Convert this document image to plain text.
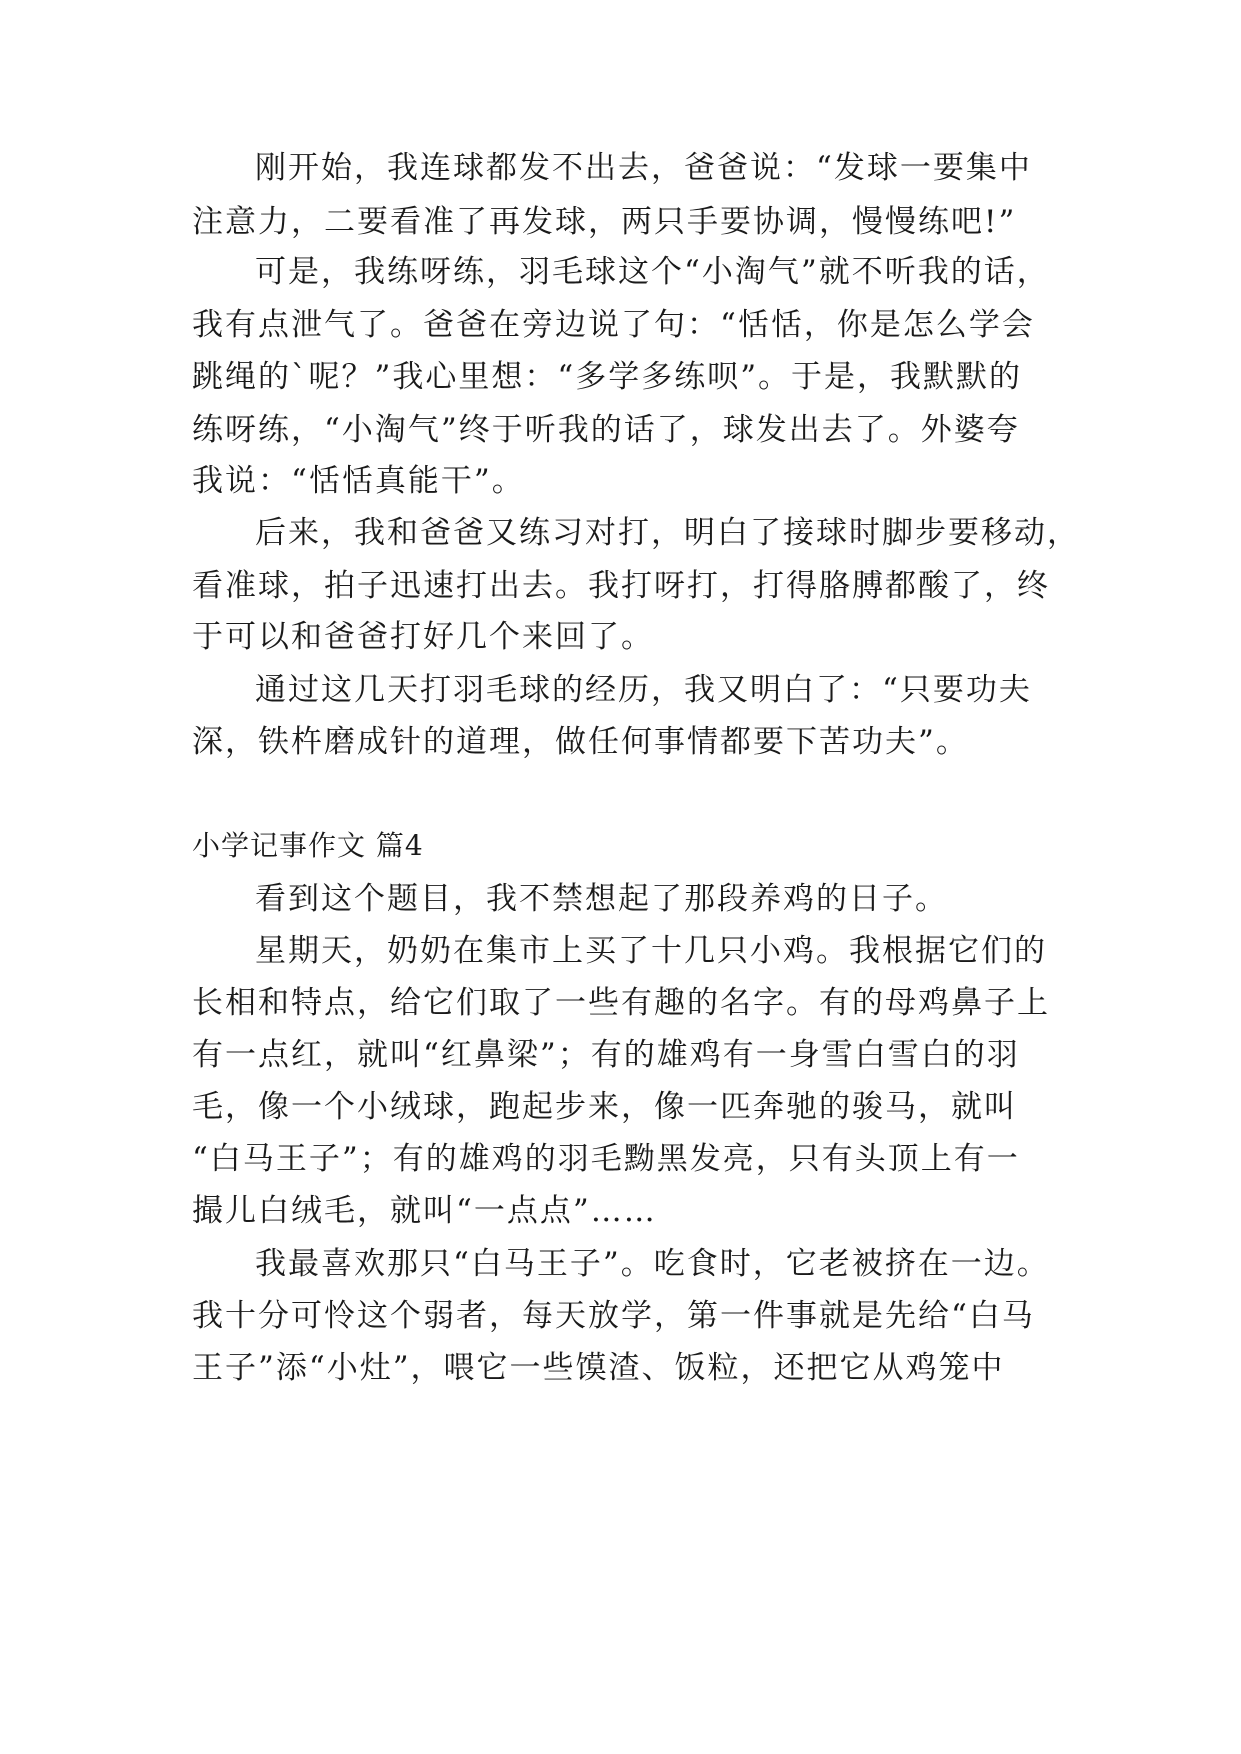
刚开始，我连球都发不出去，爸爸说：“发球一要集中
注意力，二要看准了再发球，两只手要协调，慢慢练吧!”
可是，我练呀练，羽毛球这个“小淘气”就不听我的话，
我有点泄气了。爸爸在旁边说了句：“恬恬，你是怎么学会
跳绳的`呢？”我心里想：“多学多练呗”。于是，我默默的
练呀练，“小淘气”终于听我的话了，球发出去了。外婆夸
我说：“恬恬真能干”。
后来，我和爸爸又练习对打，明白了接球时脚步要移动，
看准球，拍子迅速打出去。我打呀打，打得胳膊都酸了，终
于可以和爸爸打好几个来回了。
通过这几天打羽毛球的经历，我又明白了：“只要功夫
深，铁杵磨成针的道理，做任何事情都要下苦功夫”。
小学记事作文 篇4
看到这个题目，我不禁想起了那段养鸡的日子。
星期天，奶奶在集市上买了十几只小鸡。我根据它们的
长相和特点，给它们取了一些有趣的名字。有的母鸡鼻子上
有一点红，就叫“红鼻梁”；有的雄鸡有一身雪白雪白的羽
毛，像一个小绒球，跑起步来，像一匹奔驰的骏马，就叫
“白马王子”；有的雄鸡的羽毛黝黑发亮，只有头顶上有一
撮儿白绒毛，就叫“一点点”……
我最喜欢那只“白马王子”。吃食时，它老被挤在一边。
我十分可怜这个弱者，每天放学，第一件事就是先给“白马
王子”添“小灶”，喂它一些馍渣、饭粒，还把它从鸡笼中
